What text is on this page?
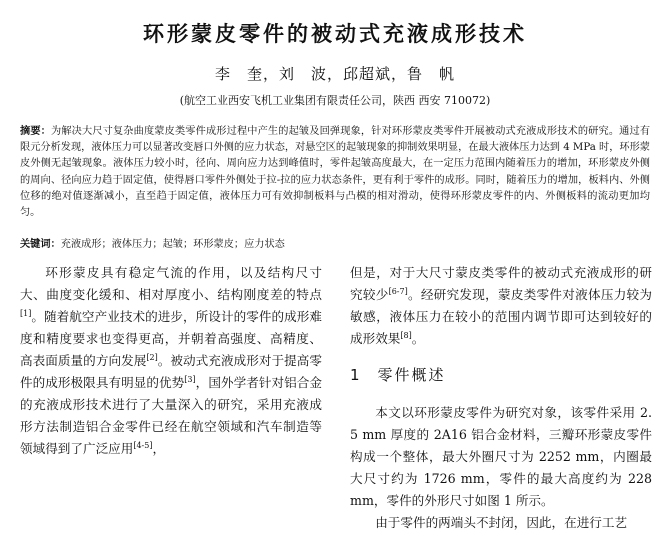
环形蒙皮零件的被动式充液成形技术
李　奎，刘　波，邱超斌，鲁　帆
(航空工业西安飞机工业集团有限责任公司，陕西 西安 710072)
摘要：为解决大尺寸复杂曲度蒙皮类零件成形过程中产生的起皱及回弹现象，针对环形蒙皮类零件开展被动式充液成形技术的研究。通过有限元分析发现，液体压力可以显著改变唇口外侧的应力状态，对悬空区的起皱现象的抑制效果明显，在最大液体压力达到 4 MPa 时，环形蒙皮外侧无起皱现象。液体压力较小时，径向、周向应力达到峰值时，零件起皱高度最大，在一定压力范围内随着压力的增加，环形蒙皮外侧的周向、径向应力趋于固定值，使得唇口零件外侧处于拉-拉的应力状态条件，更有利于零件的成形。同时，随着压力的增加，板料内、外侧位移的绝对值逐渐减小，直至趋于固定值，液体压力可有效抑制板料与凸模的相对滑动，使得环形蒙皮零件的内、外侧板料的流动更加均匀。
关键词：充液成形；液体压力；起皱；环形蒙皮；应力状态

环形蒙皮具有稳定气流的作用，以及结构尺寸大、曲度变化缓和、相对厚度小、结构刚度差的特点[1]。随着航空产业技术的进步，所设计的零件的成形难度和精度要求也变得更高，并朝着高强度、高精度、高表面质量的方向发展[2]。被动式充液成形对于提高零件的成形极限具有明显的优势[3]，国外学者针对铝合金的充液成形技术进行了大量深入的研究，采用充液成形方法制造铝合金零件已经在航空领域和汽车制造等领域得到了广泛应用[4-5]，

但是，对于大尺寸蒙皮类零件的被动式充液成形的研究较少[6-7]。经研究发现，蒙皮类零件对液体压力较为敏感，液体压力在较小的范围内调节即可达到较好的成形效果[8]。

1 零件概述

本文以环形蒙皮零件为研究对象，该零件采用 2. 5 mm 厚度的 2A16 铝合金材料，三瓣环形蒙皮零件构成一个整体，最大外圈尺寸为 2252 mm，内圈最大尺寸约为 1726 mm，零件的最大高度约为 228 mm，零件的外形尺寸如图 1 所示。

由于零件的两端头不封闭，因此，在进行工艺
